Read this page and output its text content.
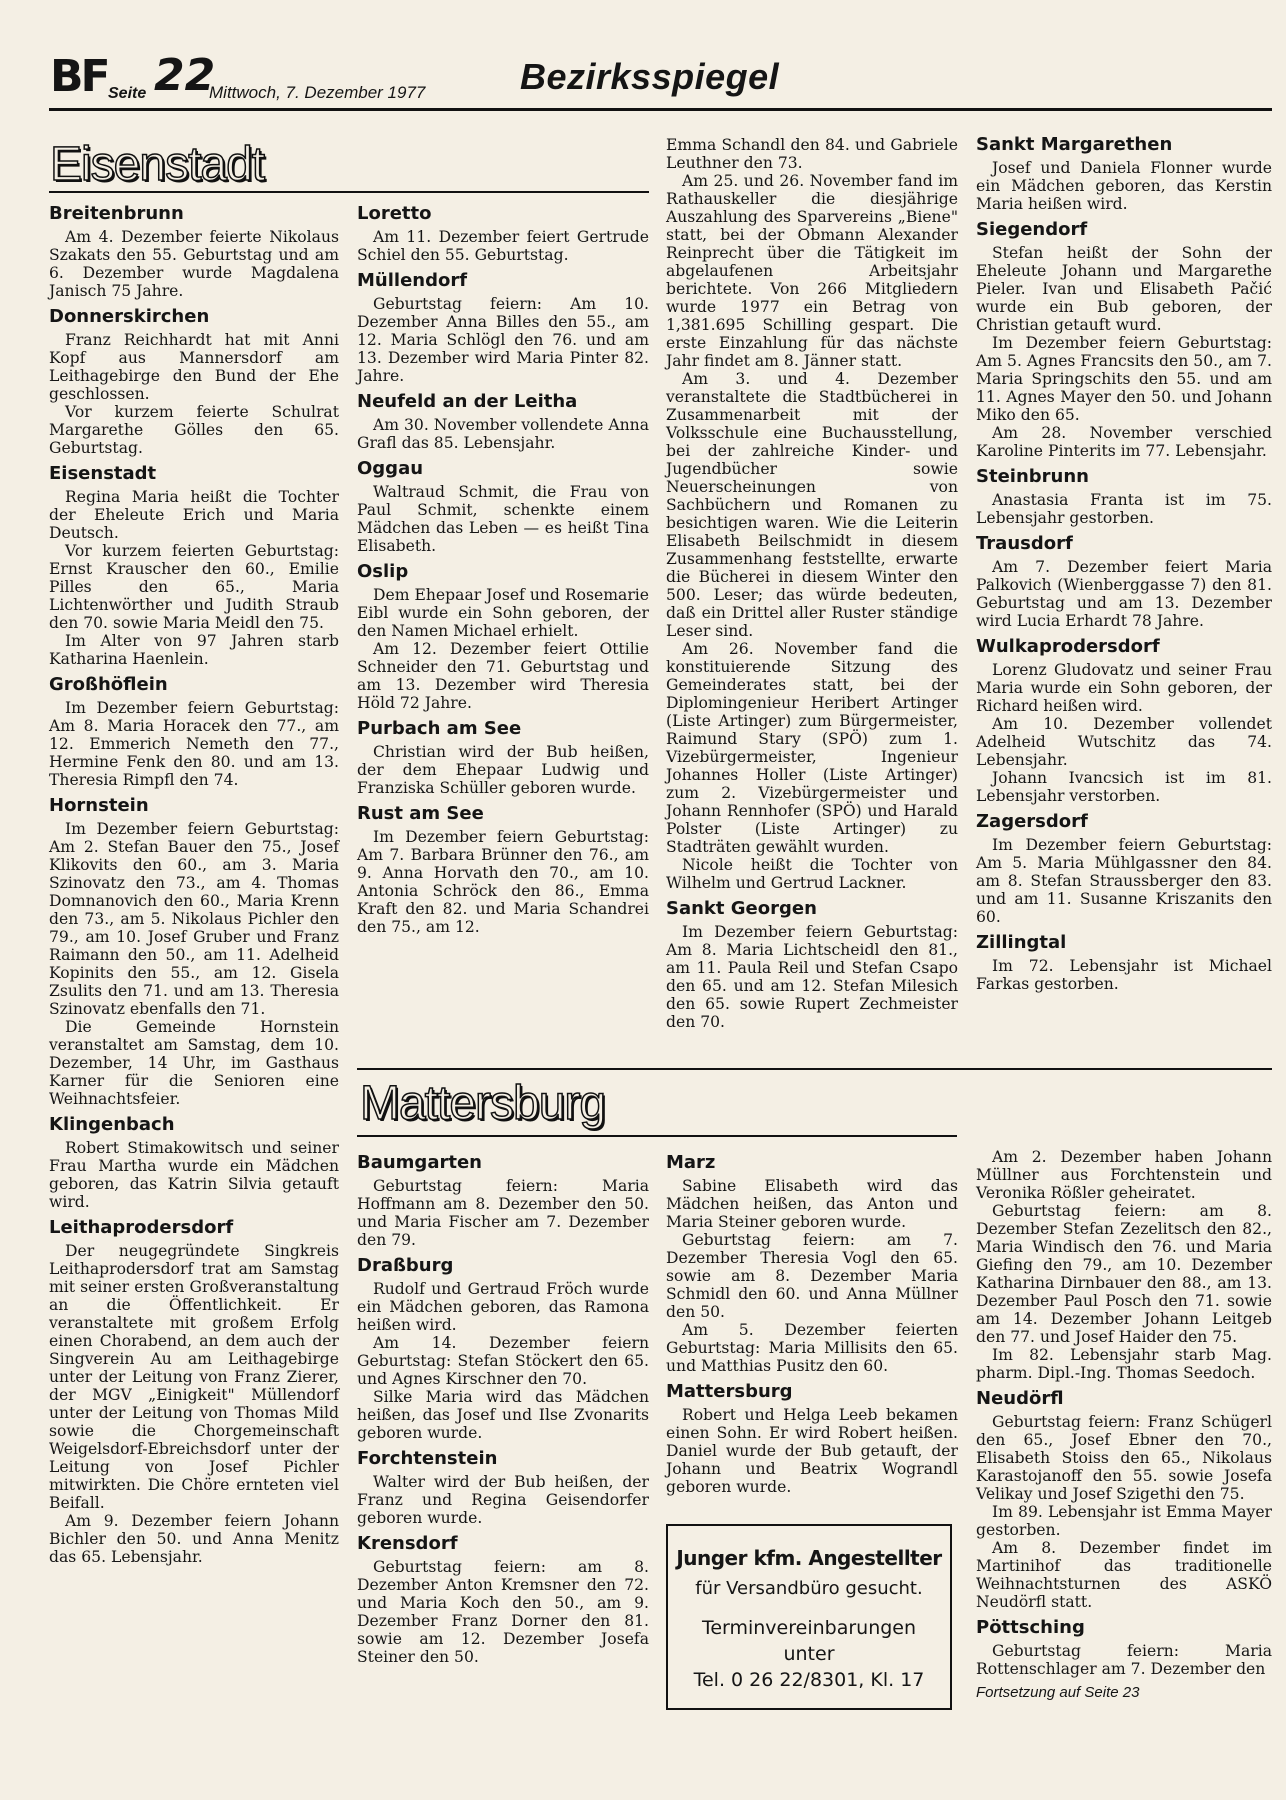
BF Seite 22
Mittwoch, 7. Dezember 1977	Bezirksspiegel
Eisenstadt
Breitenbrunn

Am 4. Dezember feierte Nikolaus Szakats den 55. Geburtstag und am 6. Dezember wurde Magdalena Janisch 75 Jahre.

Donnerskirchen

Franz Reichhardt hat mit Anni Kopf aus Mannersdorf am Leithagebirge den Bund der Ehe geschlossen.

Vor kurzem feierte Schulrat Margarethe Gölles den 65. Geburtstag.

Eisenstadt

Regina Maria heißt die Tochter der Eheleute Erich und Maria Deutsch.

Vor kurzem feierten Geburtstag: Ernst Krauscher den 60., Emilie Pilles den 65., Maria Lichtenwörther und Judith Straub den 70. sowie Maria Meidl den 75.

Im Alter von 97 Jahren starb Katharina Haenlein.

Großhöflein

Im Dezember feiern Geburtstag: Am 8. Maria Horacek den 77., am 12. Emmerich Nemeth den 77., Hermine Fenk den 80. und am 13. Theresia Rimpfl den 74.

Hornstein

Im Dezember feiern Geburtstag: Am 2. Stefan Bauer den 75., Josef Klikovits den 60., am 3. Maria Szinovatz den 73., am 4. Thomas Domnanovich den 60., Maria Krenn den 73., am 5. Nikolaus Pichler den 79., am 10. Josef Gruber und Franz Raimann den 50., am 11. Adelheid Kopinits den 55., am 12. Gisela Zsulits den 71. und am 13. Theresia Szinovatz ebenfalls den 71.

Die Gemeinde Hornstein veranstaltet am Samstag, dem 10. Dezember, 14 Uhr, im Gasthaus Karner für die Senioren eine Weihnachtsfeier.

Klingenbach

Robert Stimakowitsch und seiner Frau Martha wurde ein Mädchen geboren, das Katrin Silvia getauft wird.

Leithaprodersdorf

Der neugegründete Singkreis Leithaprodersdorf trat am Samstag mit seiner ersten Großveranstaltung an die Öffentlichkeit. Er veranstaltete mit großem Erfolg einen Chorabend, an dem auch der Singverein Au am Leithagebirge unter der Leitung von Franz Zierer, der MGV „Einigkeit" Müllendorf unter der Leitung von Thomas Mild sowie die Chorgemeinschaft Weigelsdorf-Ebreichsdorf unter der Leitung von Josef Pichler mitwirkten. Die Chöre ernteten viel Beifall.

Am 9. Dezember feiern Johann Bichler den 50. und Anna Menitz das 65. Lebensjahr.

Loretto

Am 11. Dezember feiert Gertrude Schiel den 55. Geburtstag.

Müllendorf

Geburtstag feiern: Am 10. Dezember Anna Billes den 55., am 12. Maria Schlögl den 76. und am 13. Dezember wird Maria Pinter 82. Jahre.

Neufeld an der Leitha

Am 30. November vollendete Anna Grafl das 85. Lebensjahr.

Oggau

Waltraud Schmit, die Frau von Paul Schmit, schenkte einem Mädchen das Leben — es heißt Tina Elisabeth.

Oslip

Dem Ehepaar Josef und Rosemarie Eibl wurde ein Sohn geboren, der den Namen Michael erhielt.

Am 12. Dezember feiert Ottilie Schneider den 71. Geburtstag und am 13. Dezember wird Theresia Höld 72 Jahre.

Purbach am See

Christian wird der Bub heißen, der dem Ehepaar Ludwig und Franziska Schüller geboren wurde.

Rust am See

Im Dezember feiern Geburtstag: Am 7. Barbara Brünner den 76., am 9. Anna Horvath den 70., am 10. Antonia Schröck den 86., Emma Kraft den 82. und Maria Schandrei den 75., am 12.

Emma Schandl den 84. und Gabriele Leuthner den 73.

Am 25. und 26. November fand im Rathauskeller die diesjährige Auszahlung des Sparvereins „Biene" statt, bei der Obmann Alexander Reinprecht über die Tätigkeit im abgelaufenen Arbeitsjahr berichtete. Von 266 Mitgliedern wurde 1977 ein Betrag von 1,381.695 Schilling gespart. Die erste Einzahlung für das nächste Jahr findet am 8. Jänner statt.

Am 3. und 4. Dezember veranstaltete die Stadtbücherei in Zusammenarbeit mit der Volksschule eine Buchausstellung, bei der zahlreiche Kinder- und Jugendbücher sowie Neuerscheinungen von Sachbüchern und Romanen zu besichtigen waren. Wie die Leiterin Elisabeth Beilschmidt in diesem Zusammenhang feststellte, erwarte die Bücherei in diesem Winter den 500. Leser; das würde bedeuten, daß ein Drittel aller Ruster ständige Leser sind.

Am 26. November fand die konstituierende Sitzung des Gemeinderates statt, bei der Diplomingenieur Heribert Artinger (Liste Artinger) zum Bürgermeister, Raimund Stary (SPÖ) zum 1. Vizebürgermeister, Ingenieur Johannes Holler (Liste Artinger) zum 2. Vizebürgermeister und Johann Rennhofer (SPÖ) und Harald Polster (Liste Artinger) zu Stadträten gewählt wurden.

Nicole heißt die Tochter von Wilhelm und Gertrud Lackner.

Sankt Georgen

Im Dezember feiern Geburtstag: Am 8. Maria Lichtscheidl den 81., am 11. Paula Reil und Stefan Csapo den 65. und am 12. Stefan Milesich den 65. sowie Rupert Zechmeister den 70.

Sankt Margarethen

Josef und Daniela Flonner wurde ein Mädchen geboren, das Kerstin Maria heißen wird.

Siegendorf

Stefan heißt der Sohn der Eheleute Johann und Margarethe Pieler. Ivan und Elisabeth Pačić wurde ein Bub geboren, der Christian getauft wurd.

Im Dezember feiern Geburtstag: Am 5. Agnes Francsits den 50., am 7. Maria Springschits den 55. und am 11. Agnes Mayer den 50. und Johann Miko den 65.

Am 28. November verschied Karoline Pinterits im 77. Lebensjahr.

Steinbrunn

Anastasia Franta ist im 75. Lebensjahr gestorben.

Trausdorf

Am 7. Dezember feiert Maria Palkovich (Wienberggasse 7) den 81. Geburtstag und am 13. Dezember wird Lucia Erhardt 78 Jahre.

Wulkaprodersdorf

Lorenz Gludovatz und seiner Frau Maria wurde ein Sohn geboren, der Richard heißen wird.

Am 10. Dezember vollendet Adelheid Wutschitz das 74. Lebensjahr.

Johann Ivancsich ist im 81. Lebensjahr verstorben.

Zagersdorf

Im Dezember feiern Geburtstag: Am 5. Maria Mühlgassner den 84. am 8. Stefan Straussberger den 83. und am 11. Susanne Kriszanits den 60.

Zillingtal

Im 72. Lebensjahr ist Michael Farkas gestorben.

Mattersburg
Baumgarten

Geburtstag feiern: Maria Hoffmann am 8. Dezember den 50. und Maria Fischer am 7. Dezember den 79.

Draßburg

Rudolf und Gertraud Fröch wurde ein Mädchen geboren, das Ramona heißen wird.

Am 14. Dezember feiern Geburtstag: Stefan Stöckert den 65. und Agnes Kirschner den 70.

Silke Maria wird das Mädchen heißen, das Josef und Ilse Zvonarits geboren wurde.

Forchtenstein

Walter wird der Bub heißen, der Franz und Regina Geisendorfer geboren wurde.

Krensdorf

Geburtstag feiern: am 8. Dezember Anton Kremsner den 72. und Maria Koch den 50., am 9. Dezember Franz Dorner den 81. sowie am 12. Dezember Josefa Steiner den 50.

Marz

Sabine Elisabeth wird das Mädchen heißen, das Anton und Maria Steiner geboren wurde.

Geburtstag feiern: am 7. Dezember Theresia Vogl den 65. sowie am 8. Dezember Maria Schmidl den 60. und Anna Müllner den 50.

Am 5. Dezember feierten Geburtstag: Maria Millisits den 65. und Matthias Pusitz den 60.

Mattersburg

Robert und Helga Leeb bekamen einen Sohn. Er wird Robert heißen. Daniel wurde der Bub getauft, der Johann und Beatrix Wograndl geboren wurde.

Am 2. Dezember haben Johann Müllner aus Forchtenstein und Veronika Rößler geheiratet.

Geburtstag feiern: am 8. Dezember Stefan Zezelitsch den 82., Maria Windisch den 76. und Maria Giefing den 79., am 10. Dezember Katharina Dirnbauer den 88., am 13. Dezember Paul Posch den 71. sowie am 14. Dezember Johann Leitgeb den 77. und Josef Haider den 75.

Im 82. Lebensjahr starb Mag. pharm. Dipl.-Ing. Thomas Seedoch.

Neudörfl

Geburtstag feiern: Franz Schügerl den 65., Josef Ebner den 70., Elisabeth Stoiss den 65., Nikolaus Karastojanoff den 55. sowie Josefa Velikay und Josef Szigethi den 75.

Im 89. Lebensjahr ist Emma Mayer gestorben.

Am 8. Dezember findet im Martinihof das traditionelle Weihnachtsturnen des ASKÖ Neudörfl statt.

Pöttsching

Geburtstag feiern: Maria Rottenschlager am 7. Dezember den

Fortsetzung auf Seite 23

Junger kfm. Angestellter
für Versandbüro gesucht.
Terminvereinbarungen
unter
Tel. 0 26 22/8301, Kl. 17
